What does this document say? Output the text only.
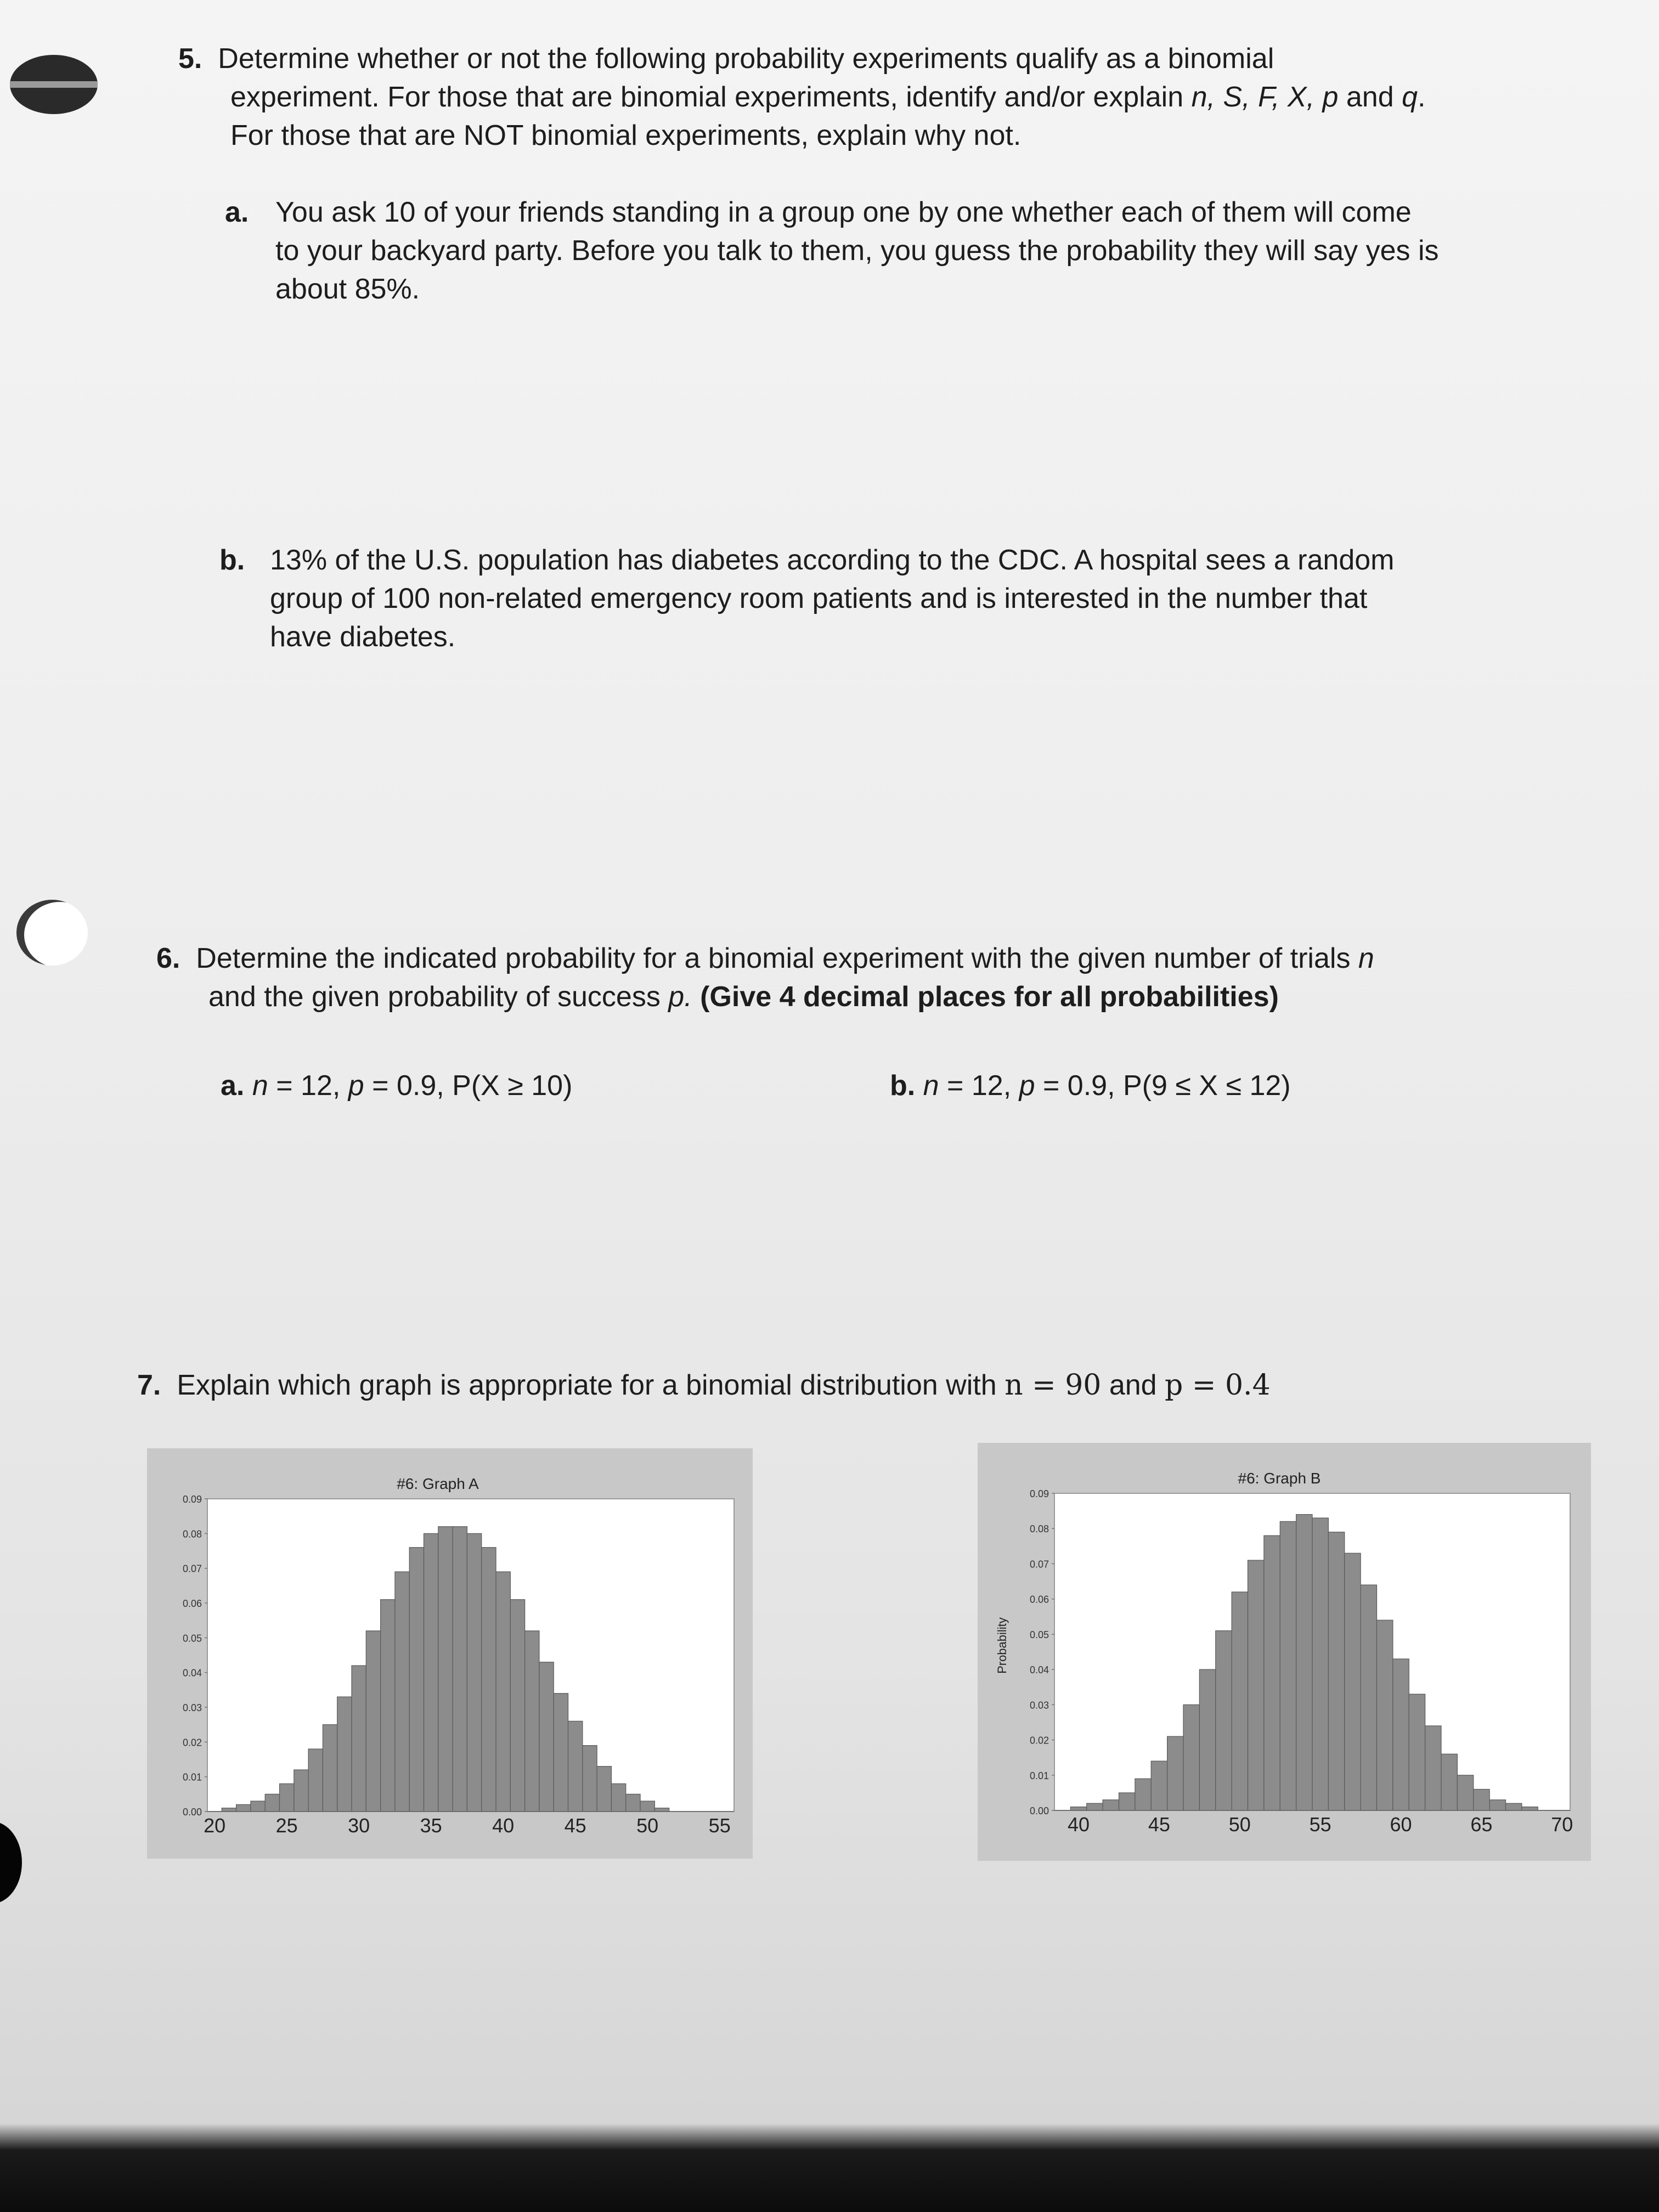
5. Determine whether or not the following probability experiments qualify as a binomial
experiment. For those that are binomial experiments, identify and/or explain n, S, F, X, p and q.
For those that are NOT binomial experiments, explain why not.
a. You ask 10 of your friends standing in a group one by one whether each of them will come
to your backyard party. Before you talk to them, you guess the probability they will say yes is
about 85%.
b. 13% of the U.S. population has diabetes according to the CDC. A hospital sees a random
group of 100 non-related emergency room patients and is interested in the number that
have diabetes.
6. Determine the indicated probability for a binomial experiment with the given number of trials n
and the given probability of success p. (Give 4 decimal places for all probabilities)
a. n = 12, p = 0.9, P(X ≥ 10)	b. n = 12, p = 0.9, P(9 ≤ X ≤ 12)
7. Explain which graph is appropriate for a binomial distribution with n = 90 and p = 0.4
#6: Graph A
0.00
0.01
0.02
0.03
0.04
0.05
0.06
0.07
0.08
0.09
20	25	30	35	40	45	50	55
#6: Graph B
0.00
0.01
0.02
0.03
0.04
0.05
0.06
0.07
0.08
0.09
40	45	50	55	60	65	70
Probability
